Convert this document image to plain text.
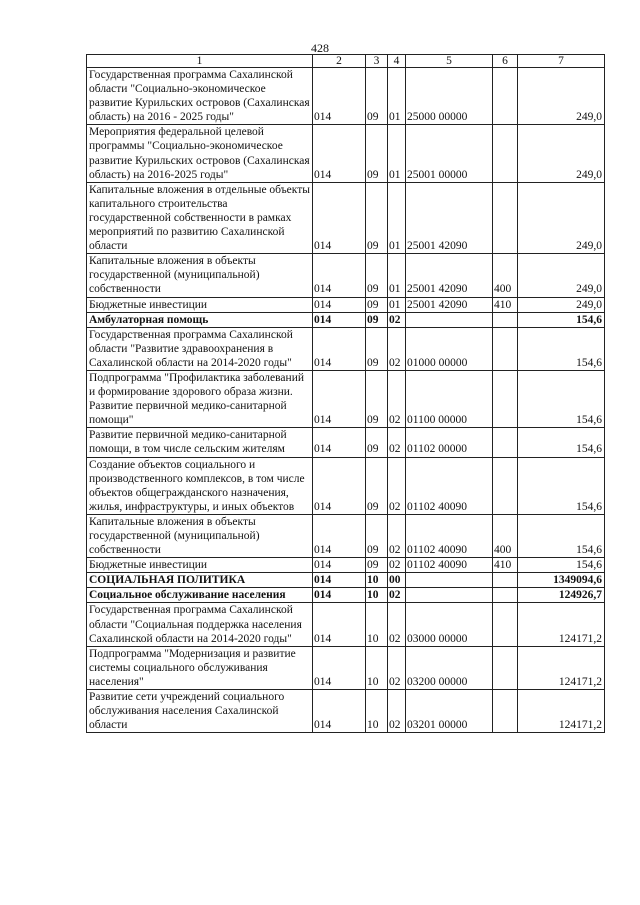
428
1	2	3	4	5	6	7
Государственная программа Сахалинской области "Социально-экономическое развитие Курильских островов (Сахалинская область) на 2016 - 2025 годы"	014	09	01	25000 00000		249,0
Мероприятия федеральной целевой программы "Социально-экономическое развитие Курильских островов (Сахалинская область) на 2016-2025 годы"	014	09	01	25001 00000		249,0
Капитальные вложения в отдельные объекты капитального строительства государственной собственности в рамках мероприятий по развитию Сахалинской области	014	09	01	25001 42090		249,0
Капитальные вложения в объекты государственной (муниципальной) собственности	014	09	01	25001 42090	400	249,0
Бюджетные инвестиции	014	09	01	25001 42090	410	249,0
Амбулаторная помощь	014	09	02			154,6
Государственная программа Сахалинской области "Развитие здравоохранения в Сахалинской области на 2014-2020 годы"	014	09	02	01000 00000		154,6
Подпрограмма "Профилактика заболеваний и формирование здорового образа жизни. Развитие первичной медико-санитарной помощи"	014	09	02	01100 00000		154,6
Развитие первичной медико-санитарной помощи, в том числе сельским жителям	014	09	02	01102 00000		154,6
Создание объектов социального и производственного комплексов, в том числе объектов общегражданского назначения, жилья, инфраструктуры, и иных объектов	014	09	02	01102 40090		154,6
Капитальные вложения в объекты государственной (муниципальной) собственности	014	09	02	01102 40090	400	154,6
Бюджетные инвестиции	014	09	02	01102 40090	410	154,6
СОЦИАЛЬНАЯ ПОЛИТИКА	014	10	00			1349094,6
Социальное обслуживание населения	014	10	02			124926,7
Государственная программа Сахалинской области "Социальная поддержка населения Сахалинской области на 2014-2020 годы"	014	10	02	03000 00000		124171,2
Подпрограмма "Модернизация и развитие системы социального обслуживания населения"	014	10	02	03200 00000		124171,2
Развитие сети учреждений социального обслуживания населения Сахалинской области	014	10	02	03201 00000		124171,2
